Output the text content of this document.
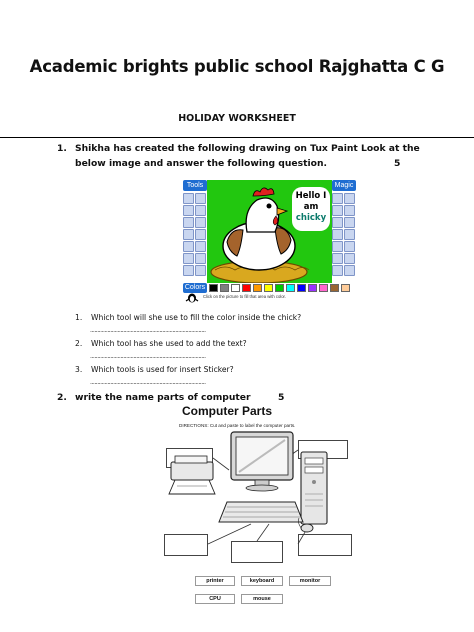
Academic brights public school Rajghatta C G
HOLIDAY WORKSHEET
1. Shikha has created the following drawing on Tux Paint Look at the below image and answer the following question.	5
Tools
Hello I
am
chicky
Magic
Colors
Click on the picture to fill that area with color.
1. Which tool will she use to fill the color inside the chick?
................................................................................
2. Which tool has she used to add the text?
................................................................................
3. Which tools is used for insert Sticker?
................................................................................
2. write the name parts of computer	5
Computer Parts
DIRECTIONS: Cut and paste to label the computer parts.
printer	keyboard	monitor
CPU	mouse
